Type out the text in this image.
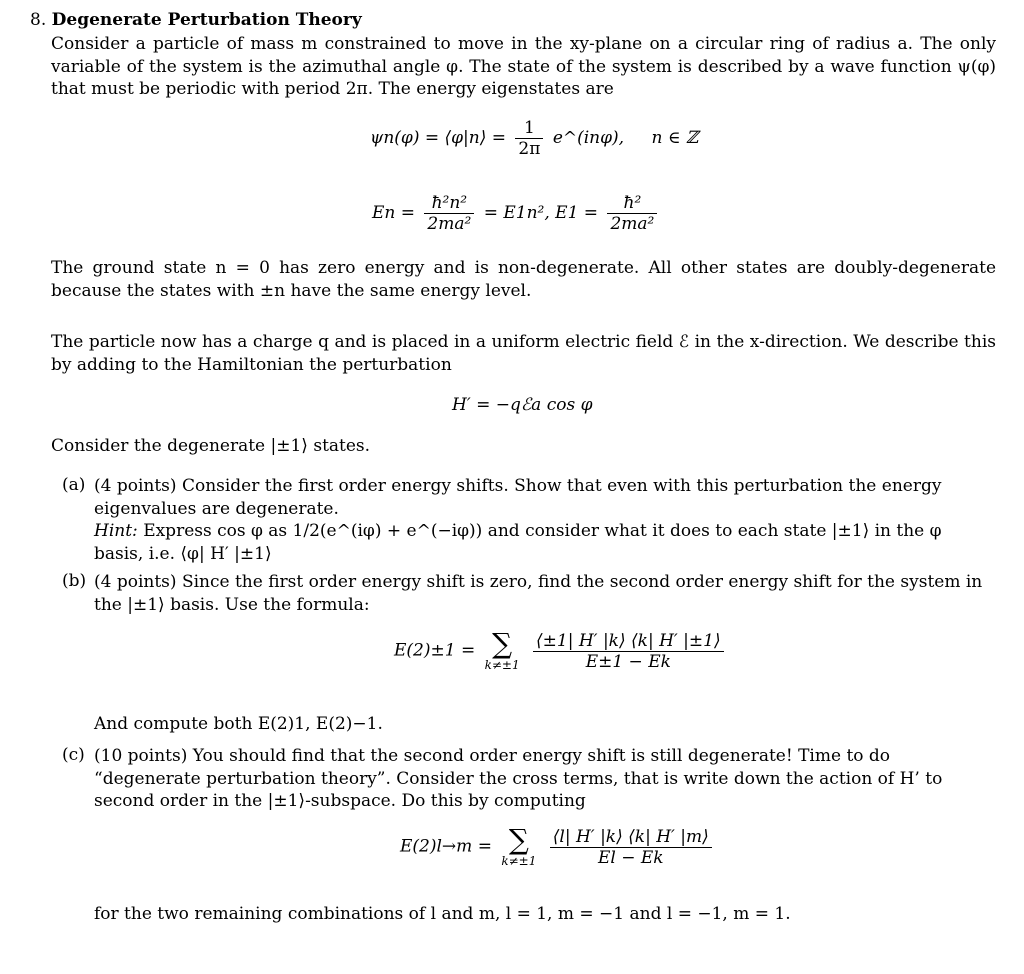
8. Degenerate Perturbation Theory
Consider a particle of mass m constrained to move in the xy-plane on a circular ring of radius a. The only variable of the system is the azimuthal angle φ. The state of the system is described by a wave function ψ(φ) that must be periodic with period 2π. The energy eigenstates are
ψn(φ) = ⟨φ|n⟩ = $\frac{1}{2\pi}$ e^(inφ), n ∈ ℤ
$En = \frac{\text{ħ²n²}}{\text{2ma²}} = E1n^2$, $E1 = \frac{\text{ħ²}}{\text{2ma²}}$
The ground state n = 0 has zero energy and is non-degenerate. All other states are doubly-degenerate because the states with ±n have the same energy level.
The particle now has a charge q and is placed in a uniform electric field ℰ in the x-direction. We describe this by adding to the Hamiltonian the perturbation
H′ = −qℰa cos φ
Consider the degenerate |±1⟩ states.
(a) (4 points) Consider the first order energy shifts. Show that even with this perturbation the energy eigenvalues are degenerate.
Hint: Express cos φ as 1/2(e^(iφ) + e^(−iφ)) and consider what it does to each state |±1⟩ in the φ basis, i.e. ⟨φ| H′ |±1⟩
(b) (4 points) Since the first order energy shift is zero, find the second order energy shift for the system in the |±1⟩ basis. Use the formula:
E(2)±1 = ∑
k≠±1
$\frac{⟨\pm 1| H' |k⟩ ⟨k| H' |\pm 1⟩}{E\pm 1 - Ek}$
And compute both E(2)1, E(2)−1.
(c) (10 points) You should find that the second order energy shift is still degenerate! Time to do “degenerate perturbation theory”. Consider the cross terms, that is write down the action of H’ to second order in the |±1⟩-subspace. Do this by computing
E(2)l→m = ∑
k≠±1
$\frac{⟨l| H' |k⟩ ⟨k| H' |m⟩}{El - Ek}$
for the two remaining combinations of l and m, l = 1, m = −1 and l = −1, m = 1.
